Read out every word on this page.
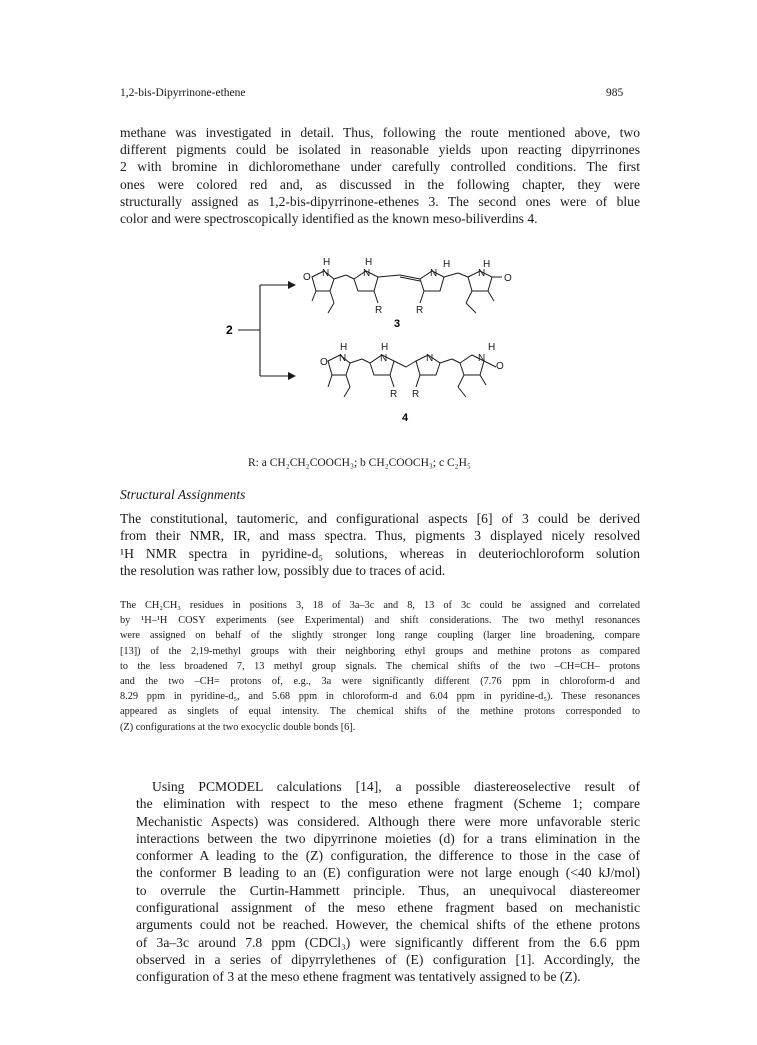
1,2-bis-Dipyrrinone-ethene	985
methane was investigated in detail. Thus, following the route mentioned above, two
different pigments could be isolated in reasonable yields upon reacting dipyrrinones
2 with bromine in dichloromethane under carefully controlled conditions. The first
ones were colored red and, as discussed in the following chapter, they were
structurally assigned as 1,2-bis-dipyrrinone-ethenes 3. The second ones were of blue
color and were spectroscopically identified as the known meso-biliverdins 4.
2
H
N
O
H
N
H
N
H
N O
R	R
3
H
N
O
H
N	N
H
N
O
R R
4
R: a CH₂CH₂COOCH₃; b CH₂COOCH₃; c C₂H₅
Structural Assignments
The constitutional, tautomeric, and configurational aspects [6] of 3 could be derived
from their NMR, IR, and mass spectra. Thus, pigments 3 displayed nicely resolved
¹H NMR spectra in pyridine-d₅ solutions, whereas in deuteriochloroform solution
the resolution was rather low, possibly due to traces of acid.
The CH₂CH₃ residues in positions 3, 18 of 3a–3c and 8, 13 of 3c could be assigned and correlated
by ¹H–¹H COSY experiments (see Experimental) and shift considerations. The two methyl resonances
were assigned on behalf of the slightly stronger long range coupling (larger line broadening, compare
[13]) of the 2,19-methyl groups with their neighboring ethyl groups and methine protons as compared
to the less broadened 7, 13 methyl group signals. The chemical shifts of the two –CH=CH– protons
and the two –CH= protons of, e.g., 3a were significantly different (7.76 ppm in chloroform-d and
8.29 ppm in pyridine-d₅, and 5.68 ppm in chloroform-d and 6.04 ppm in pyridine-d₅). These resonances
appeared as singlets of equal intensity. The chemical shifts of the methine protons corresponded to
(Z) configurations at the two exocyclic double bonds [6].
Using PCMODEL calculations [14], a possible diastereoselective result of
the elimination with respect to the meso ethene fragment (Scheme 1; compare
Mechanistic Aspects) was considered. Although there were more unfavorable steric
interactions between the two dipyrrinone moieties (d) for a trans elimination in the
conformer A leading to the (Z) configuration, the difference to those in the case of
the conformer B leading to an (E) configuration were not large enough (<40 kJ/mol)
to overrule the Curtin-Hammett principle. Thus, an unequivocal diastereomer
configurational assignment of the meso ethene fragment based on mechanistic
arguments could not be reached. However, the chemical shifts of the ethene protons
of 3a–3c around 7.8 ppm (CDCl₃) were significantly different from the 6.6 ppm
observed in a series of dipyrrylethenes of (E) configuration [1]. Accordingly, the
configuration of 3 at the meso ethene fragment was tentatively assigned to be (Z).
